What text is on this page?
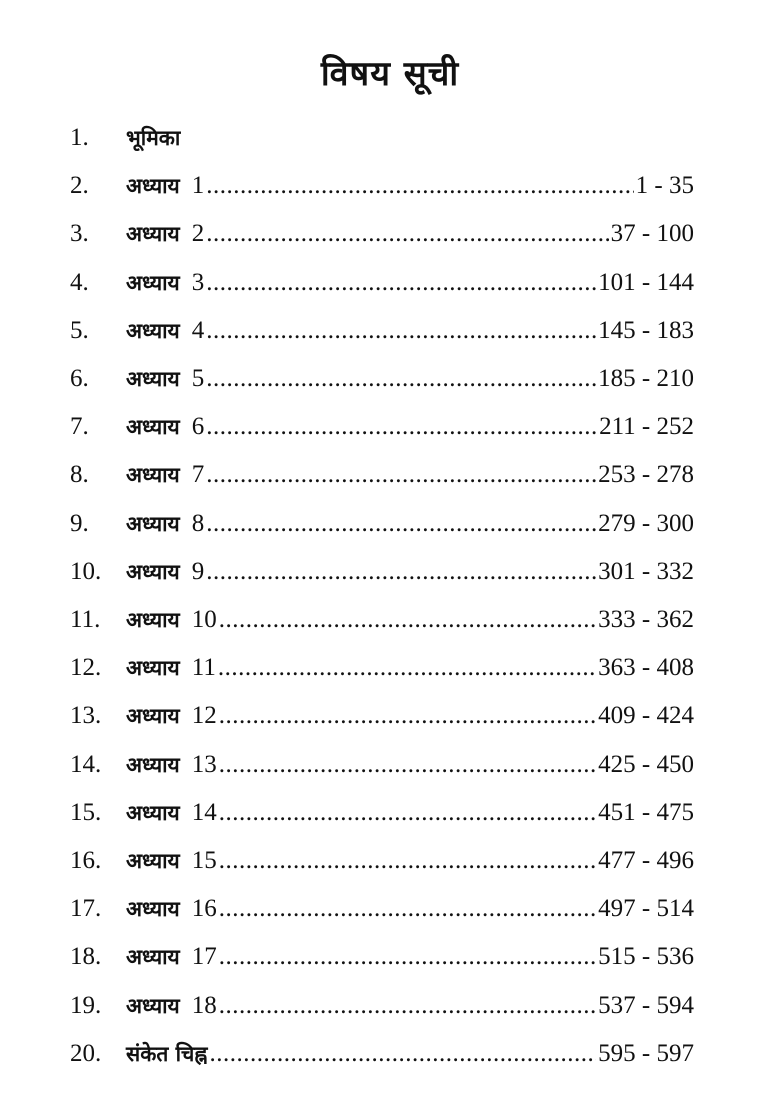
विषय सूची
1.	भूमिका
2.	अध्याय 1 .....	1 - 35
3.	अध्याय 2 .....	37 - 100
4.	अध्याय 3 .....	101 - 144
5.	अध्याय 4 .....	145 - 183
6.	अध्याय 5 .....	185 - 210
7.	अध्याय 6 .....	211 - 252
8.	अध्याय 7 .....	253 - 278
9.	अध्याय 8 .....	279 - 300
10.	अध्याय 9 .....	301 - 332
11.	अध्याय 10 .....	333 - 362
12.	अध्याय 11 .....	363 - 408
13.	अध्याय 12 .....	409 - 424
14.	अध्याय 13 .....	425 - 450
15.	अध्याय 14 .....	451 - 475
16.	अध्याय 15 .....	477 - 496
17.	अध्याय 16 .....	497 - 514
18.	अध्याय 17 .....	515 - 536
19.	अध्याय 18 .....	537 - 594
20.	संकेत चिह्न .....	595 - 597
